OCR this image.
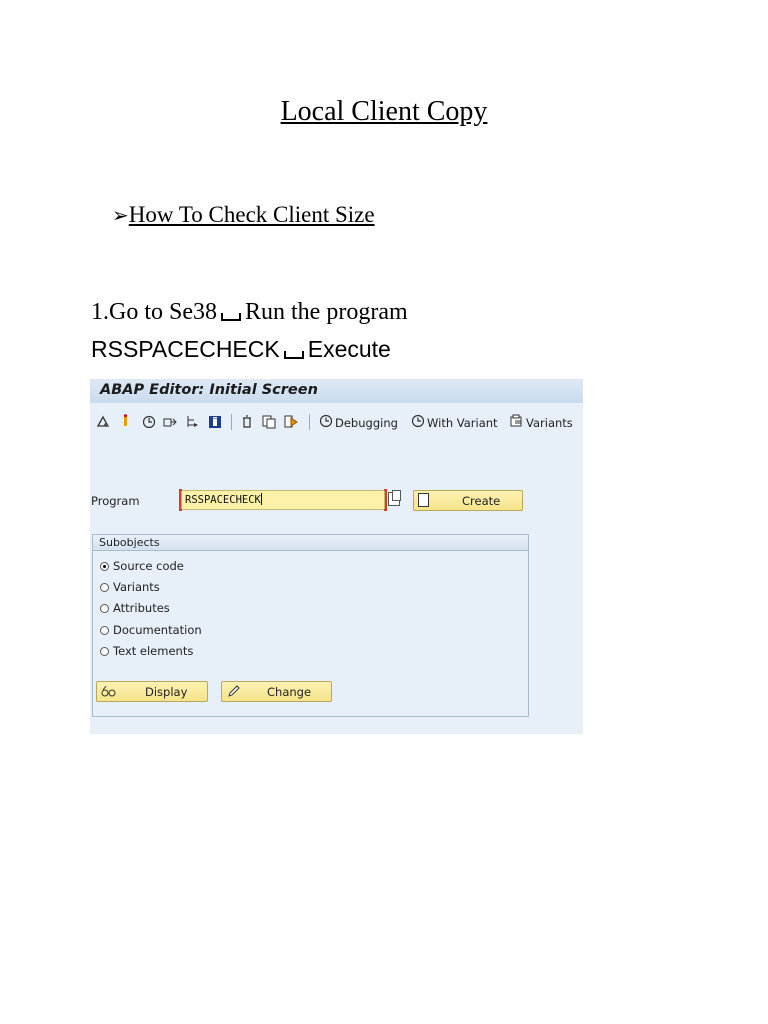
Local Client Copy
➢How To Check Client Size
1.Go to Se38 Run the program
RSSPACECHECK Execute
ABAP Editor: Initial Screen
Debugging	With Variant Variants
Program	RSSPACECHECK	Create
Subobjects
Source code
Variants
Attributes
Documentation
Text elements
Display	Change
